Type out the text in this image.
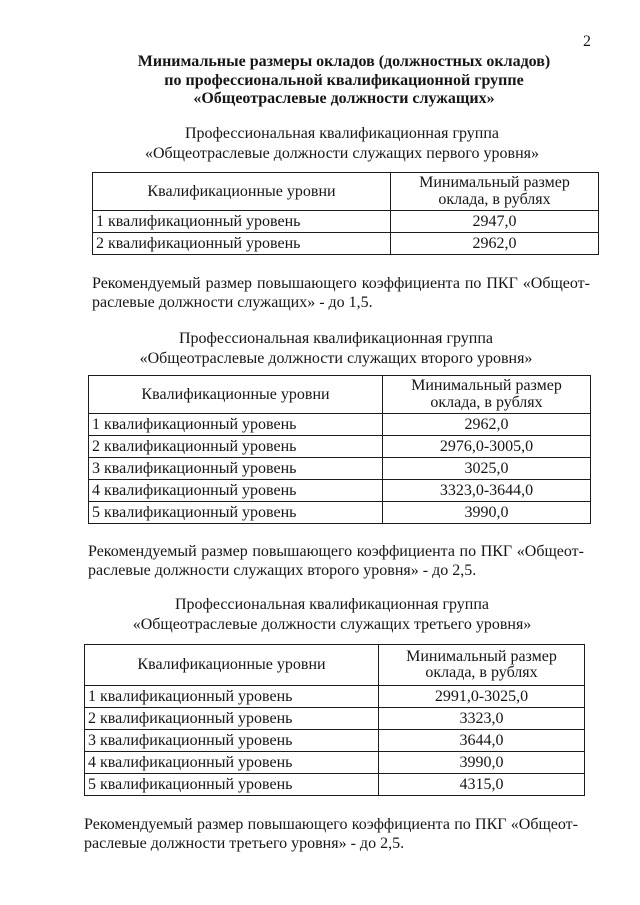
2
Минимальные размеры окладов (должностных окладов)
по профессиональной квалификационной группе
«Общеотраслевые должности служащих»
Профессиональная квалификационная группа
«Общеотраслевые должности служащих первого уровня»
Квалификационные уровни	Минимальный размер
оклада, в рублях

1 квалификационный уровень	2947,0
2 квалификационный уровень	2962,0
Рекомендуемый размер повышающего коэффициента по ПКГ «Общеот-
раслевые должности служащих» - до 1,5.
Профессиональная квалификационная группа
«Общеотраслевые должности служащих второго уровня»
Квалификационные уровни	Минимальный размер
оклада, в рублях

1 квалификационный уровень	2962,0
2 квалификационный уровень	2976,0-3005,0
3 квалификационный уровень	3025,0
4 квалификационный уровень	3323,0-3644,0
5 квалификационный уровень	3990,0
Рекомендуемый размер повышающего коэффициента по ПКГ «Общеот-
раслевые должности служащих второго уровня» - до 2,5.
Профессиональная квалификационная группа
«Общеотраслевые должности служащих третьего уровня»
Квалификационные уровни	Минимальный размер
оклада, в рублях

1 квалификационный уровень	2991,0-3025,0
2 квалификационный уровень	3323,0
3 квалификационный уровень	3644,0
4 квалификационный уровень	3990,0
5 квалификационный уровень	4315,0
Рекомендуемый размер повышающего коэффициента по ПКГ «Общеот-
раслевые должности третьего уровня» - до 2,5.
